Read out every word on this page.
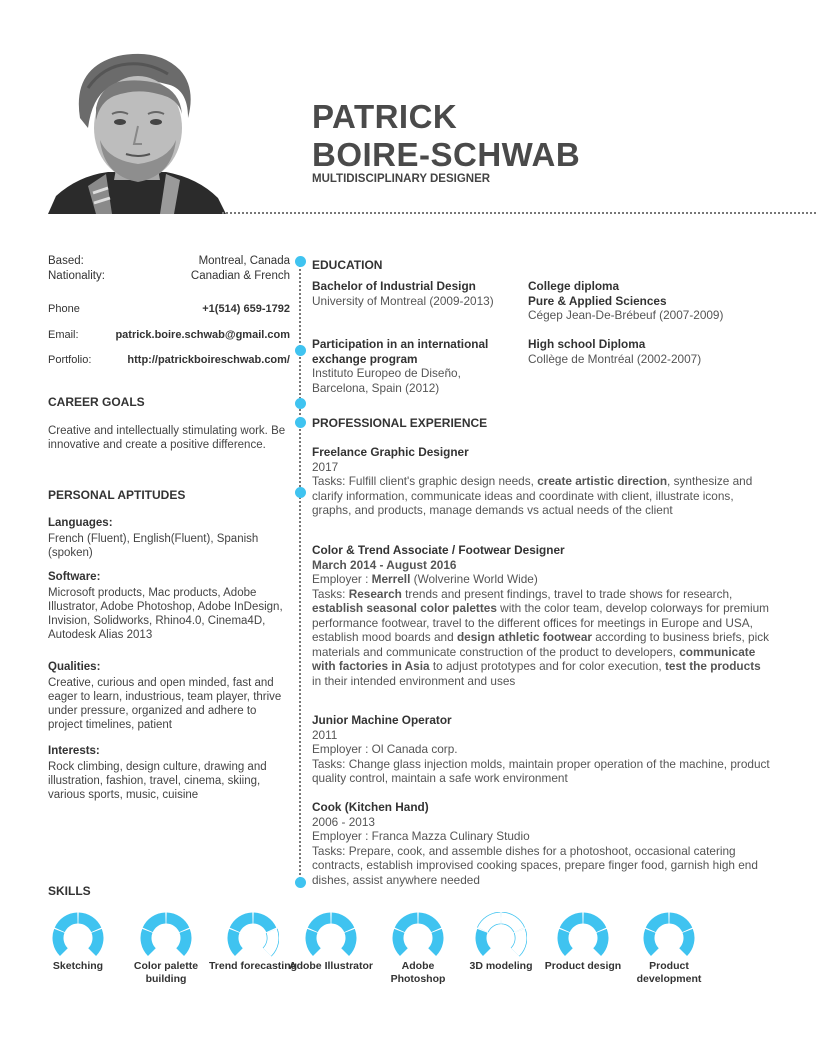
PATRICK
BOIRE-SCHWAB
MULTIDISCIPLINARY DESIGNER
Based:	Montreal, Canada
Nationality:	Canadian & French
Phone	+1(514) 659-1792
Email:	patrick.boire.schwab@gmail.com
Portfolio:	http://patrickboireschwab.com/
CAREER GOALS
Creative and intellectually stimulating work. Be innovative and create a positive difference.
PERSONAL APTITUDES
Languages:
French (Fluent), English(Fluent), Spanish (spoken)
Software:
Microsoft products, Mac products, Adobe Illustrator, Adobe Photoshop, Adobe InDesign, Invision, Solidworks, Rhino4.0, Cinema4D, Autodesk Alias 2013
Qualities:
Creative, curious and open minded, fast and eager to learn, industrious, team player, thrive under pressure, organized and adhere to project timelines, patient
Interests:
Rock climbing, design culture, drawing and illustration, fashion, travel, cinema, skiing, various sports, music, cuisine
EDUCATION
Bachelor of Industrial Design
University of Montreal (2009-2013)
College diploma
Pure & Applied Sciences
Cégep Jean-De-Brébeuf (2007-2009)
Participation in an international
exchange program
Instituto Europeo de Diseño,
Barcelona, Spain (2012)
High school Diploma
Collège de Montréal (2002-2007)
PROFESSIONAL EXPERIENCE
Freelance Graphic Designer
2017
Tasks: Fulfill client's graphic design needs, create artistic direction, synthesize and clarify information, communicate ideas and coordinate with client, illustrate icons, graphs, and products, manage demands vs actual needs of the client
Color & Trend Associate / Footwear Designer
March 2014 - August 2016
Employer : Merrell (Wolverine World Wide)
Tasks: Research trends and present findings, travel to trade shows for research, establish seasonal color palettes with the color team, develop colorways for premium performance footwear, travel to the different offices for meetings in Europe and USA, establish mood boards and design athletic footwear according to business briefs, pick materials and communicate construction of the product to developers, communicate with factories in Asia to adjust prototypes and for color execution, test the products in their intended environment and uses
Junior Machine Operator
2011
Employer : Ol Canada corp.
Tasks: Change glass injection molds, maintain proper operation of the machine, product quality control, maintain a safe work environment
Cook (Kitchen Hand)
2006 - 2013
Employer : Franca Mazza Culinary Studio
Tasks: Prepare, cook, and assemble dishes for a photoshoot, occasional catering contracts, establish improvised cooking spaces, prepare finger food, garnish high end dishes, assist anywhere needed
SKILLS
Sketching	Color palette building
Trend forecasting
Adobe Illustrator	Adobe Photoshop
3D modeling	Product design	Product development
